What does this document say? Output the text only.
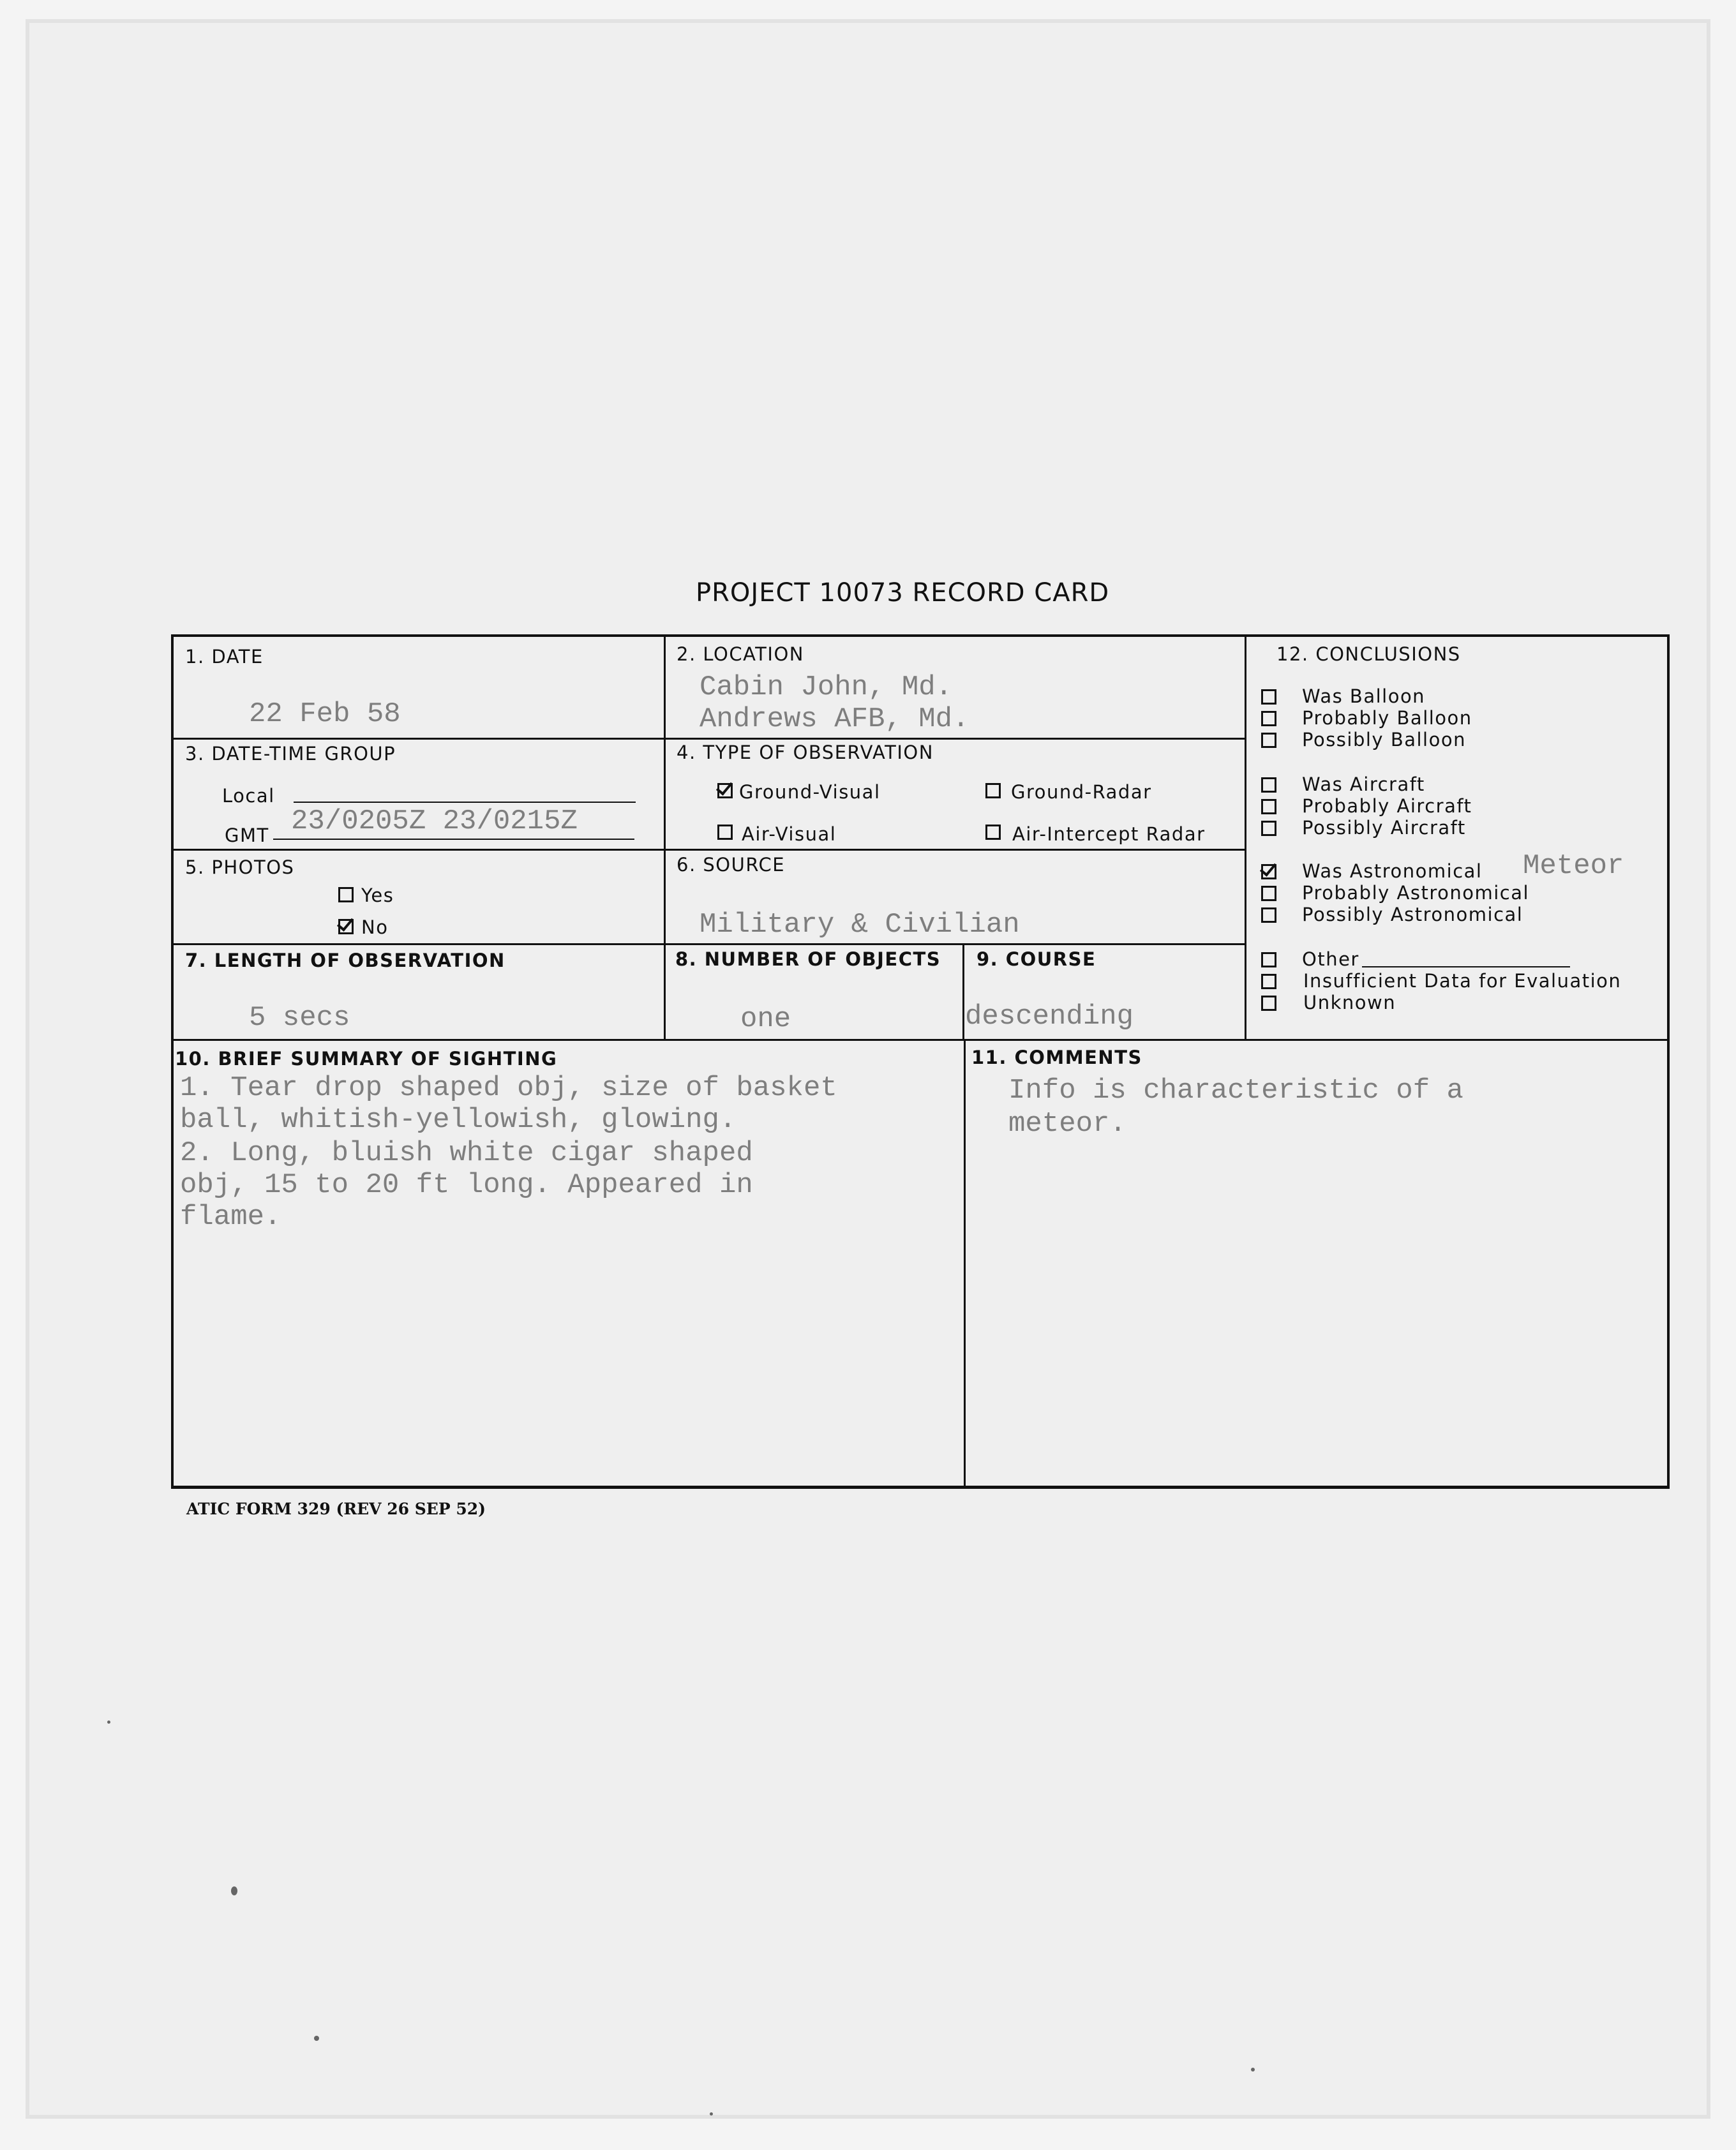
PROJECT 10073 RECORD CARD
1. DATE
22 Feb 58
2. LOCATION
Cabin John, Md.
Andrews AFB, Md.
3. DATE-TIME GROUP
Local
GMT 23/0205Z 23/0215Z
4. TYPE OF OBSERVATION
Ground-Visual	Ground-Radar
Air-Visual	Air-Intercept Radar
5. PHOTOS
Yes
No
6. SOURCE
Military & Civilian
7. LENGTH OF OBSERVATION
5 secs
8. NUMBER OF OBJECTS
one
9. COURSE
descending
10. BRIEF SUMMARY OF SIGHTING
1. Tear drop shaped obj, size of basket
ball, whitish-yellowish, glowing.
2. Long, bluish white cigar shaped
obj, 15 to 20 ft long. Appeared in
flame.
11. COMMENTS
Info is characteristic of a
meteor.
12. CONCLUSIONS
Was Balloon
Probably Balloon
Possibly Balloon
Was Aircraft
Probably Aircraft
Possibly Aircraft
Was Astronomical Meteor
Probably Astronomical
Possibly Astronomical
Other
Insufficient Data for Evaluation
Unknown
ATIC FORM 329 (REV 26 SEP 52)
